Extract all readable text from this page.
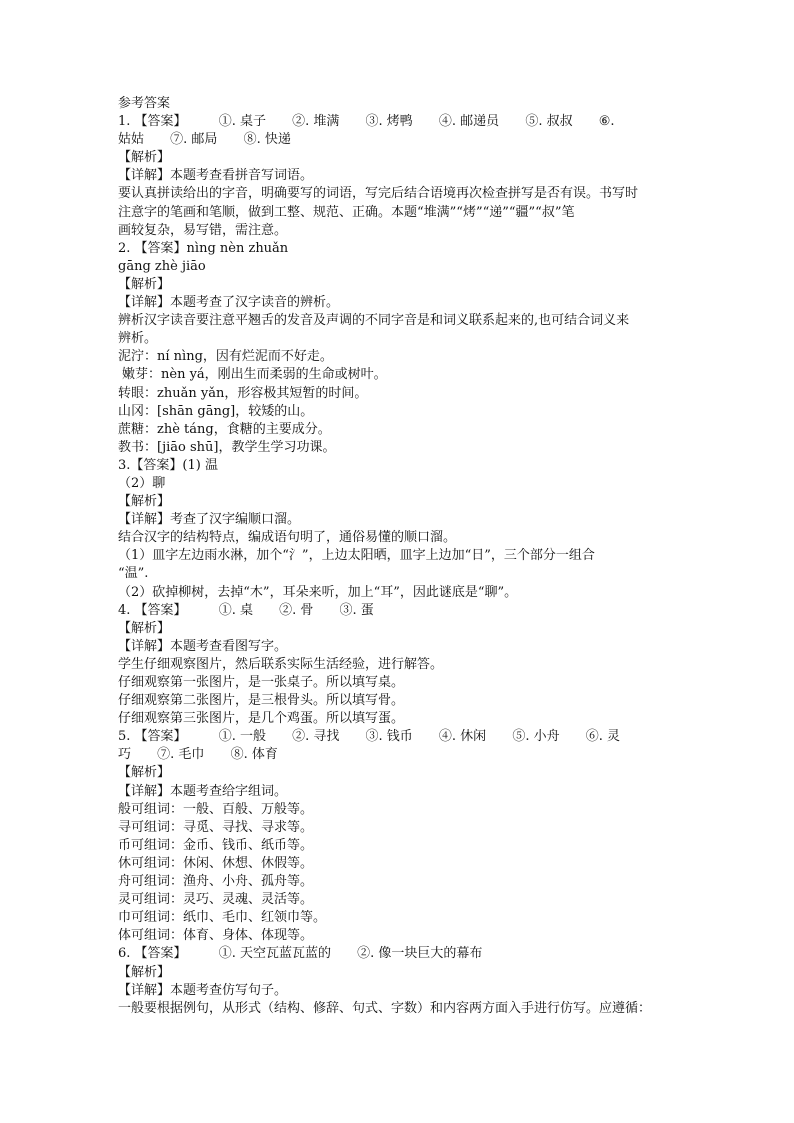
参考答案
1. 【答案】 ①. 桌子 ②. 堆满 ③. 烤鸭 ④. 邮递员 ⑤. 叔叔 ⑥.
姑姑 ⑦. 邮局 ⑧. 快递
【解析】
【详解】本题考查看拼音写词语。
要认真拼读给出的字音，明确要写的词语，写完后结合语境再次检查拼写是否有误。书写时
注意字的笔画和笔顺，做到工整、规范、正确。本题“堆满”“烤”“递”“疆”“叔”笔
画较复杂，易写错，需注意。
2. 【答案】nìng nèn zhuǎn
gāng zhè jiāo
【解析】
【详解】本题考查了汉字读音的辨析。
辨析汉字读音要注意平翘舌的发音及声调的不同字音是和词义联系起来的,也可结合词义来
辨析。
泥泞：ní nìng，因有烂泥而不好走。
嫩芽：nèn yá，刚出生而柔弱的生命或树叶。
转眼：zhuǎn yǎn，形容极其短暂的时间。
山冈：[shān gāng]，较矮的山。
蔗糖：zhè táng，食糖的主要成分。
教书：[jiāo shū]，教学生学习功课。
3.【答案】(1) 温
（2）聊
【解析】
【详解】考查了汉字编顺口溜。
结合汉字的结构特点，编成语句明了，通俗易懂的顺口溜。
（1）皿字左边雨水淋，加个“氵”，上边太阳晒，皿字上边加“日”，三个部分一组合
“温”.
（2）砍掉柳树，去掉“木”，耳朵来听，加上“耳”，因此谜底是“聊”。
4. 【答案】 ①. 桌 ②. 骨 ③. 蛋
【解析】
【详解】本题考查看图写字。
学生仔细观察图片，然后联系实际生活经验，进行解答。
仔细观察第一张图片，是一张桌子。所以填写桌。
仔细观察第二张图片，是三根骨头。所以填写骨。
仔细观察第三张图片，是几个鸡蛋。所以填写蛋。
5. 【答案】 ①. 一般 ②. 寻找 ③. 钱币 ④. 休闲 ⑤. 小舟 ⑥. 灵
巧 ⑦. 毛巾 ⑧. 体育
【解析】
【详解】本题考查给字组词。
般可组词：一般、百般、万般等。
寻可组词：寻觅、寻找、寻求等。
币可组词：金币、钱币、纸币等。
休可组词：休闲、休想、休假等。
舟可组词：渔舟、小舟、孤舟等。
灵可组词：灵巧、灵魂、灵活等。
巾可组词：纸巾、毛巾、红领巾等。
体可组词：体育、身体、体现等。
6. 【答案】 ①. 天空瓦蓝瓦蓝的 ②. 像一块巨大的幕布
【解析】
【详解】本题考查仿写句子。
一般要根据例句，从形式（结构、修辞、句式、字数）和内容两方面入手进行仿写。应遵循：
